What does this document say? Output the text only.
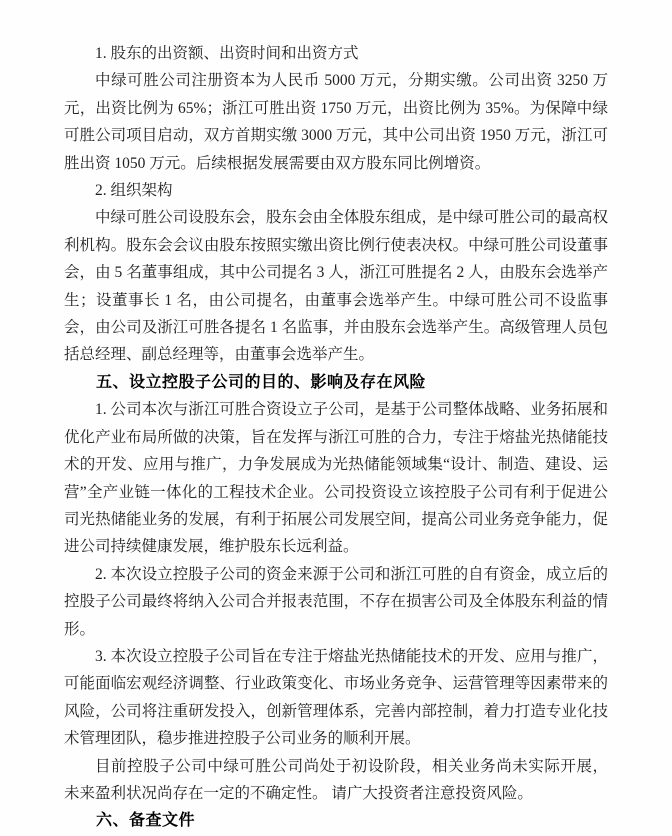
1. 股东的出资额、出资时间和出资方式

中绿可胜公司注册资本为人民币 5000 万元，分期实缴。公司出资 3250 万元，出资比例为 65%；浙江可胜出资 1750 万元，出资比例为 35%。为保障中绿可胜公司项目启动，双方首期实缴 3000 万元，其中公司出资 1950 万元，浙江可胜出资 1050 万元。后续根据发展需要由双方股东同比例增资。

2. 组织架构

中绿可胜公司设股东会，股东会由全体股东组成，是中绿可胜公司的最高权利机构。股东会会议由股东按照实缴出资比例行使表决权。中绿可胜公司设董事会，由 5 名董事组成，其中公司提名 3 人，浙江可胜提名 2 人，由股东会选举产生；设董事长 1 名，由公司提名，由董事会选举产生。中绿可胜公司不设监事会，由公司及浙江可胜各提名 1 名监事，并由股东会选举产生。高级管理人员包括总经理、副总经理等，由董事会选举产生。

五、设立控股子公司的目的、影响及存在风险

1. 公司本次与浙江可胜合资设立子公司，是基于公司整体战略、业务拓展和优化产业布局所做的决策，旨在发挥与浙江可胜的合力，专注于熔盐光热储能技术的开发、应用与推广，力争发展成为光热储能领域集“设计、制造、建设、运营”全产业链一体化的工程技术企业。公司投资设立该控股子公司有利于促进公司光热储能业务的发展，有利于拓展公司发展空间，提高公司业务竞争能力，促进公司持续健康发展，维护股东长远利益。

2. 本次设立控股子公司的资金来源于公司和浙江可胜的自有资金，成立后的控股子公司最终将纳入公司合并报表范围，不存在损害公司及全体股东利益的情形。

3. 本次设立控股子公司旨在专注于熔盐光热储能技术的开发、应用与推广，可能面临宏观经济调整、行业政策变化、市场业务竞争、运营管理等因素带来的风险，公司将注重研发投入，创新管理体系，完善内部控制，着力打造专业化技术管理团队，稳步推进控股子公司业务的顺利开展。

目前控股子公司中绿可胜公司尚处于初设阶段，相关业务尚未实际开展， 未来盈利状况尚存在一定的不确定性。 请广大投资者注意投资风险。

六、备查文件
